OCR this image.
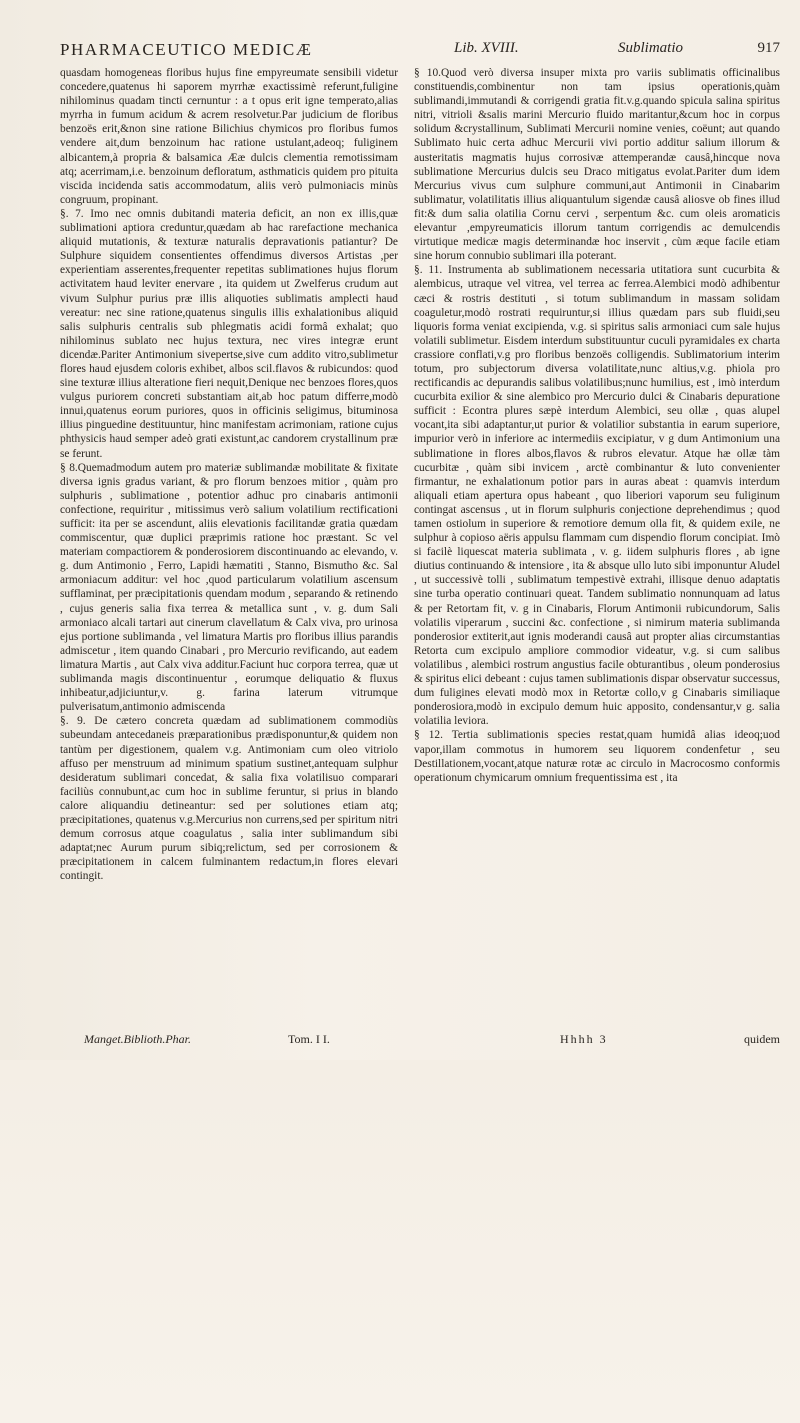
PHARMACEUTICO MEDICÆ	Lib. XVIII.	Sublimatio	917

quasdam homogeneas floribus hujus fine empyreumate sensibili videtur concedere,quatenus hi saporem myrrhæ exactissimè referunt,fuligine nihilominus quadam tincti cernuntur : a t opus erit igne temperato,alias myrrha in fumum acidum & acrem resolvetur.Par judicium de floribus benzoës erit,&non sine ratione Bilichius chymicos pro floribus fumos vendere ait,dum benzoinum hac ratione ustulant,adeoq; fuliginem albicantem,à propria & balsamica Ææ dulcis clementia remotissimam atq; acerrimam,i.e. benzoinum defloratum, asthmaticis quidem pro pituita viscida incidenda satis accommodatum, aliis verò pulmoniacis minùs congruum, propinant.

§. 7. Imo nec omnis dubitandi materia deficit, an non ex illis,quæ sublimationi aptiora creduntur,quædam ab hac rarefactione mechanica aliquid mutationis, & texturæ naturalis depravationis patiantur? De Sulphure siquidem consentientes offendimus diversos Artistas ,per experientiam asserentes,frequenter repetitas sublimationes hujus florum activitatem haud leviter enervare , ita quidem ut Zwelferus crudum aut vivum Sulphur purius præ illis aliquoties sublimatis amplecti haud vereatur: nec sine ratione,quatenus singulis illis exhalationibus aliquid salis sulphuris centralis sub phlegmatis acidi formâ exhalat; quo nihilominus sublato nec hujus textura, nec vires integræ erunt dicendæ.Pariter Antimonium sivepertse,sive cum addito vitro,sublimetur flores haud ejusdem coloris exhibet, albos scil.flavos & rubicundos: quod sine texturæ illius alteratione fieri nequit,Denique nec benzoes flores,quos vulgus puriorem concreti substantiam ait,ab hoc patum differre,modò innui,quatenus eorum puriores, quos in officinis seligimus, bituminosa illius pinguedine destituuntur, hinc manifestam acrimoniam, ratione cujus phthysicis haud semper adeò grati existunt,ac candorem crystallinum præ se ferunt.

§ 8.Quemadmodum autem pro materiæ sublimandæ mobilitate & fixitate diversa ignis gradus variant, & pro florum benzoes mitior , quàm pro sulphuris , sublimatione , potentior adhuc pro cinabaris antimonii confectione, requiritur , mitissimus verò salium volatilium rectificationi sufficit: ita per se ascendunt, aliis elevationis facilitandæ gratia quædam commiscentur, quæ duplici præprimis ratione hoc præstant. Sc vel materiam compactiorem & ponderosiorem discontinuando ac elevando, v. g. dum Antimonio , Ferro, Lapidi hæmatiti , Stanno, Bismutho &c. Sal armoniacum additur: vel hoc ,quod particularum volatilium ascensum sufflaminat, per præcipitationis quendam modum , separando & retinendo , cujus generis salia fixa terrea & metallica sunt , v. g. dum Sali armoniaco alcali tartari aut cinerum clavellatum & Calx viva, pro urinosa ejus portione sublimanda , vel limatura Martis pro floribus illius parandis admiscetur , item quando Cinabari , pro Mercurio revificando, aut eadem limatura Martis , aut Calx viva additur.Faciunt huc corpora terrea, quæ ut sublimanda magis discontinuentur , eorumque deliquatio & fluxus inhibeatur,adjiciuntur,v. g. farina laterum vitrumque pulverisatum,antimonio admiscenda

§. 9. De cætero concreta quædam ad sublimationem commodiùs subeundam antecedaneis præparationibus prædisponuntur,& quidem non tantùm per digestionem, qualem v.g. Antimoniam cum oleo vitriolo affuso per menstruum ad minimum spatium sustinet,antequam sulphur desideratum sublimari concedat, & salia fixa volatilisuo comparari faciliùs connubunt,ac cum hoc in sublime feruntur, si prius in blando calore aliquandiu detineantur: sed per solutiones etiam atq; præcipitationes, quatenus v.g.Mercurius non currens,sed per spiritum nitri demum corrosus atque coagulatus , salia inter sublimandum sibi adaptat;nec Aurum purum sibiq;relictum, sed per corrosionem & præcipitationem in calcem fulminantem redactum,in flores elevari contingit.

§ 10.Quod verò diversa insuper mixta pro variis sublimatis officinalibus constituendis,combinentur non tam ipsius operationis,quàm sublimandi,immutandi & corrigendi gratia fit.v.g.quando spicula salina spiritus nitri, vitrioli &salis marini Mercurio fluido maritantur,&cum hoc in corpus solidum &crystallinum, Sublimati Mercurii nomine venies, coëunt; aut quando Sublimato huic certa adhuc Mercurii vivi portio additur salium illorum & austeritatis magmatis hujus corrosivæ attemperandæ causâ,hincque nova sublimatione Mercurius dulcis seu Draco mitigatus evolat.Pariter dum idem Mercurius vivus cum sulphure communi,aut Antimonii in Cinabarim sublimatur, volatilitatis illius aliquantulum sigendæ causâ aliosve ob fines illud fit:& dum salia olatilia Cornu cervi , serpentum &c. cum oleis aromaticis elevantur ,empyreumaticis illorum tantum corrigendis ac demulcendis virtutique medicæ magis determinandæ hoc inservit , cùm æque facile etiam sine horum connubio sublimari illa poterant.

§. 11. Instrumenta ab sublimationem necessaria utitatiora sunt cucurbita & alembicus, utraque vel vitrea, vel terrea ac ferrea.Alembici modò adhibentur cæci & rostris destituti , si totum sublimandum in massam solidam coaguletur,modò rostrati requiruntur,si illius quædam pars sub fluidi,seu liquoris forma veniat excipienda, v.g. si spiritus salis armoniaci cum sale hujus volatili sublimetur. Eisdem interdum substituuntur cuculi pyramidales ex charta crassiore conflati,v.g pro floribus benzoës colligendis. Sublimatorium interim totum, pro subjectorum diversa volatilitate,nunc altius,v.g. phiola pro rectificandis ac depurandis salibus volatilibus;nunc humilius, est , imò interdum cucurbita exilior & sine alembico pro Mercurio dulci & Cinabaris depuratione sufficit : Econtra plures sæpè interdum Alembici, seu ollæ , quas alupel vocant,ita sibi adaptantur,ut purior & volatilior substantia in earum superiore, impurior verò in inferiore ac intermediis excipiatur, v g dum Antimonium una sublimatione in flores albos,flavos & rubros elevatur. Atque hæ ollæ tàm cucurbitæ , quàm sibi invicem , arctè combinantur & luto convenienter firmantur, ne exhalationum potior pars in auras abeat : quamvis interdum aliquali etiam apertura opus habeant , quo liberiori vaporum seu fuliginum contingat ascensus , ut in florum sulphuris conjectione deprehendimus ; quod tamen ostiolum in superiore & remotiore demum olla fit, & quidem exile, ne sulphur à copioso aëris appulsu flammam cum dispendio florum concipiat. Imò si facilè liquescat materia sublimata , v. g. iidem sulphuris flores , ab igne diutius continuando & intensiore , ita & absque ullo luto sibi imponuntur Aludel , ut successivè tolli , sublimatum tempestivè extrahi, illisque denuo adaptatis sine turba operatio continuari queat. Tandem sublimatio nonnunquam ad latus & per Retortam fit, v. g in Cinabaris, Florum Antimonii rubicundorum, Salis volatilis viperarum , succini &c. confectione , si nimirum materia sublimanda ponderosior extiterit,aut ignis moderandi causâ aut propter alias circumstantias Retorta cum excipulo ampliore commodior videatur, v.g. si cum salibus volatilibus , alembici rostrum angustius facile obturantibus , oleum ponderosius & spiritus elici debeant : cujus tamen sublimationis dispar observatur successus, dum fuligines elevati modò mox in Retortæ collo,v g Cinabaris similiaque ponderosiora,modò in excipulo demum huic apposito, condensantur,v g. salia volatilia leviora.

§ 12. Tertia sublimationis species restat,quam humidâ alias ideoq;uod vapor,illam commotus in humorem seu liquorem condenfetur , seu Destillationem,vocant,atque naturæ rotæ ac circulo in Macrocosmo conformis operationum chymicarum omnium frequentissima est , ita

Manget.Biblioth.Phar.	Tom. I I.	Hhhh 3	quidem
